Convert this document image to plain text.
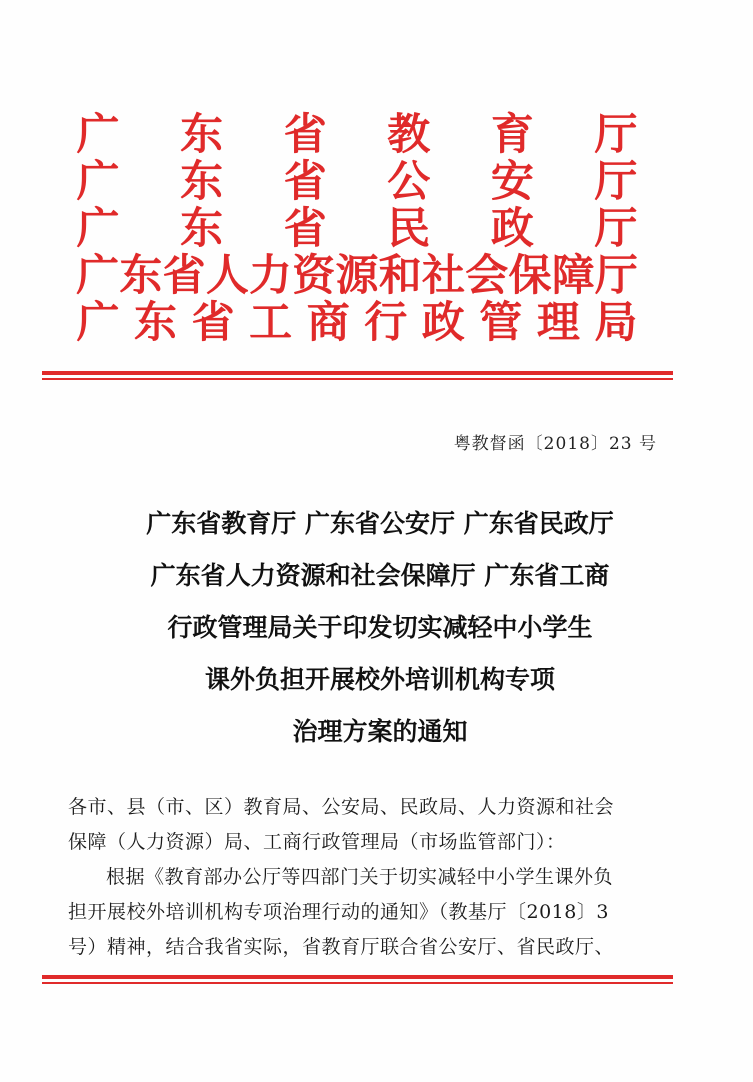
广 东 省 教 育 厅
广 东 省 公 安 厅
广 东 省 民 政 厅
广 东 省 人 力 资 源 和 社 会 保 障 厅
广 东 省 工 商 行 政 管 理 局
粤教督函〔2018〕23 号
广东省教育厅 广东省公安厅 广东省民政厅
广东省人力资源和社会保障厅 广东省工商
行政管理局关于印发切实减轻中小学生
课外负担开展校外培训机构专项
治理方案的通知
各市、县（市、区）教育局、公安局、民政局、人力资源和社会
保障（人力资源）局、工商行政管理局（市场监管部门）：
根据《教育部办公厅等四部门关于切实减轻中小学生课外负
担开展校外培训机构专项治理行动的通知》（教基厅〔2018〕3
号）精神，结合我省实际，省教育厅联合省公安厅、省民政厅、
